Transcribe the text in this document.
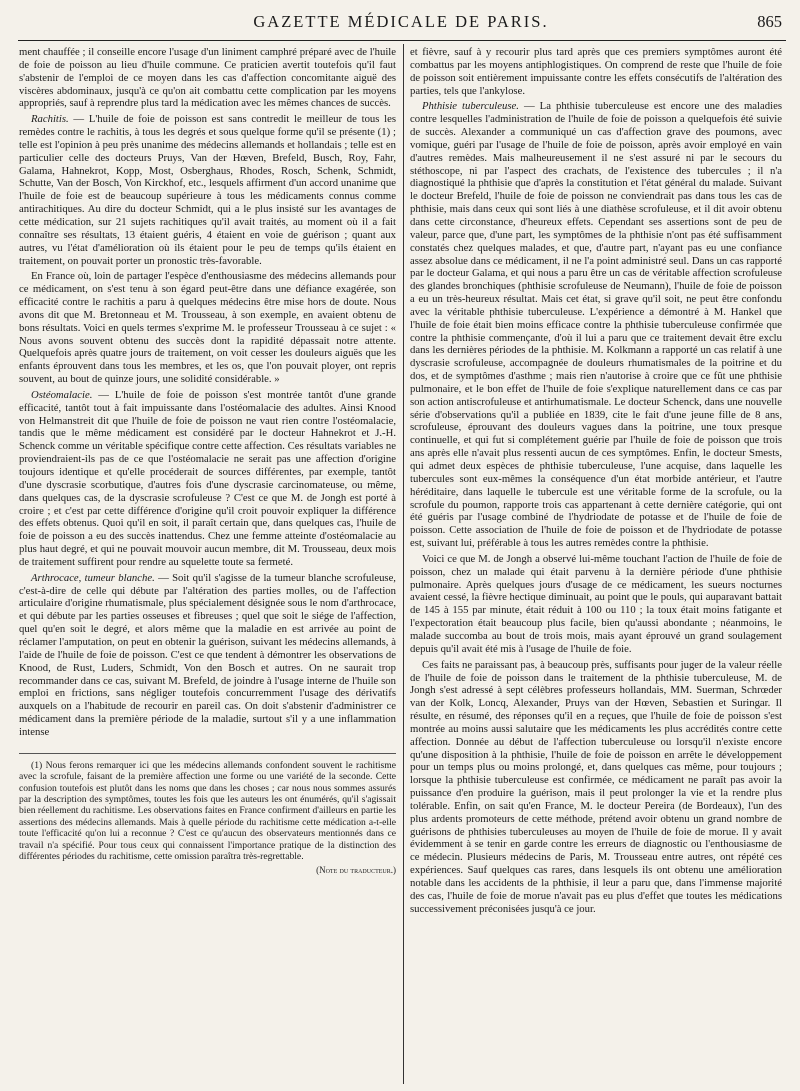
GAZETTE MÉDICALE DE PARIS.	865

ment chauffée ; il conseille encore l'usage d'un liniment camphré préparé avec de l'huile de foie de poisson au lieu d'huile commune. Ce praticien avertit toutefois qu'il faut s'abstenir de l'emploi de ce moyen dans les cas d'affection concomitante aiguë des viscères abdominaux, jusqu'à ce qu'on ait combattu cette complication par les moyens appropriés, sauf à reprendre plus tard la médication avec les mêmes chances de succès.

Rachitis. — L'huile de foie de poisson est sans contredit le meilleur de tous les remèdes contre le rachitis, à tous les degrés et sous quelque forme qu'il se présente (1) ; telle est l'opinion à peu près unanime des médecins allemands et hollandais ; telle est en particulier celle des docteurs Pruys, Van der Hœven, Brefeld, Busch, Roy, Fahr, Galama, Hahnekrot, Kopp, Most, Osberghaus, Rhodes, Rosch, Schenk, Schmidt, Schutte, Van der Bosch, Von Kirckhof, etc., lesquels affirment d'un accord unanime que l'huile de foie est de beaucoup supérieure à tous les médicaments connus comme antirachitiques. Au dire du docteur Schmidt, qui a le plus insisté sur les avantages de cette médication, sur 21 sujets rachitiques qu'il avait traités, au moment où il a fait connaître ses résultats, 13 étaient guéris, 4 étaient en voie de guérison ; quant aux autres, vu l'état d'amélioration où ils étaient pour le peu de temps qu'ils étaient en traitement, on pouvait porter un pronostic très-favorable.

En France où, loin de partager l'espèce d'enthousiasme des médecins allemands pour ce médicament, on s'est tenu à son égard peut-être dans une défiance exagérée, son efficacité contre le rachitis a paru à quelques médecins être mise hors de doute. Nous avons dit que M. Bretonneau et M. Trousseau, à son exemple, en avaient obtenu de bons résultats. Voici en quels termes s'exprime M. le professeur Trousseau à ce sujet : « Nous avons souvent obtenu des succès dont la rapidité dépassait notre attente. Quelquefois après quatre jours de traitement, on voit cesser les douleurs aiguës que les enfants éprouvent dans tous les membres, et les os, que l'on pouvait ployer, ont repris souvent, au bout de quinze jours, une solidité considérable. »

Ostéomalacie. — L'huile de foie de poisson s'est montrée tantôt d'une grande efficacité, tantôt tout à fait impuissante dans l'ostéomalacie des adultes. Ainsi Knood von Helmanstreit dit que l'huile de foie de poisson ne vaut rien contre l'ostéomalacie, tandis que le même médicament est considéré par le docteur Hahnekrot et J.-H. Schenck comme un véritable spécifique contre cette affection. Ces résultats variables ne proviendraient-ils pas de ce que l'ostéomalacie ne serait pas une affection d'origine toujours identique et qu'elle procéderait de sources différentes, par exemple, tantôt d'une dyscrasie scorbutique, d'autres fois d'une dyscrasie carcinomateuse, ou même, dans quelques cas, de la dyscrasie scrofuleuse ? C'est ce que M. de Jongh est porté à croire ; et c'est par cette différence d'origine qu'il croit pouvoir expliquer la différence des effets obtenus. Quoi qu'il en soit, il paraît certain que, dans quelques cas, l'huile de foie de poisson a eu des succès inattendus. Chez une femme atteinte d'ostéomalacie au plus haut degré, et qui ne pouvait mouvoir aucun membre, dit M. Trousseau, deux mois de traitement suffirent pour rendre au squelette toute sa fermeté.

Arthrocace, tumeur blanche. — Soit qu'il s'agisse de la tumeur blanche scrofuleuse, c'est-à-dire de celle qui débute par l'altération des parties molles, ou de l'affection articulaire d'origine rhumatismale, plus spécialement désignée sous le nom d'arthrocace, et qui débute par les parties osseuses et fibreuses ; quel que soit le siége de l'affection, quel qu'en soit le degré, et alors même que la maladie en est arrivée au point de réclamer l'amputation, on peut en obtenir la guérison, suivant les médecins allemands, à l'aide de l'huile de foie de poisson. C'est ce que tendent à démontrer les observations de Knood, de Rust, Luders, Schmidt, Von den Bosch et autres. On ne saurait trop recommander dans ce cas, suivant M. Brefeld, de joindre à l'usage interne de l'huile son emploi en frictions, sans négliger toutefois concurremment l'usage des dérivatifs auxquels on a l'habitude de recourir en pareil cas. On doit s'abstenir d'administrer ce médicament dans la première période de la maladie, surtout s'il y a une inflammation intense

(1) Nous ferons remarquer ici que les médecins allemands confondent souvent le rachitisme avec la scrofule, faisant de la première affection une forme ou une variété de la seconde. Cette confusion toutefois est plutôt dans les noms que dans les choses ; car nous nous sommes assurés par la description des symptômes, toutes les fois que les auteurs les ont énumérés, qu'il s'agissait bien réellement du rachitisme. Les observations faites en France confirment d'ailleurs en partie les assertions des médecins allemands. Mais à quelle période du rachitisme cette médication a-t-elle toute l'efficacité qu'on lui a reconnue ? C'est ce qu'aucun des observateurs mentionnés dans ce travail n'a spécifié. Pour tous ceux qui connaissent l'importance pratique de la distinction des différentes périodes du rachitisme, cette omission paraîtra très-regrettable.

(Note du traducteur.)

et fièvre, sauf à y recourir plus tard après que ces premiers symptômes auront été combattus par les moyens antiphlogistiques. On comprend de reste que l'huile de foie de poisson soit entièrement impuissante contre les effets consécutifs de l'altération des parties, tels que l'ankylose.

Phthisie tuberculeuse. — La phthisie tuberculeuse est encore une des maladies contre lesquelles l'administration de l'huile de foie de poisson a quelquefois été suivie de succès. Alexander a communiqué un cas d'affection grave des poumons, avec vomique, guéri par l'usage de l'huile de foie de poisson, après avoir employé en vain d'autres remèdes. Mais malheureusement il ne s'est assuré ni par le secours du stéthoscope, ni par l'aspect des crachats, de l'existence des tubercules ; il n'a diagnostiqué la phthisie que d'après la constitution et l'état général du malade. Suivant le docteur Brefeld, l'huile de foie de poisson ne conviendrait pas dans tous les cas de phthisie, mais dans ceux qui sont liés à une diathèse scrofuleuse, et il dit avoir obtenu dans cette circonstance, d'heureux effets. Cependant ses assertions sont de peu de valeur, parce que, d'une part, les symptômes de la phthisie n'ont pas été suffisamment constatés chez quelques malades, et que, d'autre part, n'ayant pas eu une confiance assez absolue dans ce médicament, il ne l'a point administré seul. Dans un cas rapporté par le docteur Galama, et qui nous a paru être un cas de véritable affection scrofuleuse des glandes bronchiques (phthisie scrofuleuse de Neumann), l'huile de foie de poisson a eu un très-heureux résultat. Mais cet état, si grave qu'il soit, ne peut être confondu avec la véritable phthisie tuberculeuse. L'expérience a démontré à M. Hankel que l'huile de foie était bien moins efficace contre la phthisie tuberculeuse confirmée que contre la phthisie commençante, d'où il lui a paru que ce traitement devait être exclu dans les dernières périodes de la phthisie. M. Kolkmann a rapporté un cas relatif à une dyscrasie scrofuleuse, accompagnée de douleurs rhumatismales de la poitrine et du dos, et de symptômes d'asthme ; mais rien n'autorise à croire que ce fût une phthisie pulmonaire, et le bon effet de l'huile de foie s'explique naturellement dans ce cas par son action antiscrofuleuse et antirhumatismale. Le docteur Schenck, dans une nouvelle série d'observations qu'il a publiée en 1839, cite le fait d'une jeune fille de 8 ans, scrofuleuse, éprouvant des douleurs vagues dans la poitrine, une toux presque continuelle, et qui fut si complétement guérie par l'huile de foie de poisson que trois ans après elle n'avait plus ressenti aucun de ces symptômes. Enfin, le docteur Smests, qui admet deux espèces de phthisie tuberculeuse, l'une acquise, dans laquelle les tubercules sont eux-mêmes la conséquence d'un état morbide antérieur, et l'autre héréditaire, dans laquelle le tubercule est une véritable forme de la scrofule, ou la scrofule du poumon, rapporte trois cas appartenant à cette dernière catégorie, qui ont été guéris par l'usage combiné de l'hydriodate de potasse et de l'huile de foie de poisson. Cette association de l'huile de foie de poisson et de l'hydriodate de potasse est, suivant lui, préférable à tous les autres remèdes contre la phthisie.

Voici ce que M. de Jongh a observé lui-même touchant l'action de l'huile de foie de poisson, chez un malade qui était parvenu à la dernière période d'une phthisie pulmonaire. Après quelques jours d'usage de ce médicament, les sueurs nocturnes avaient cessé, la fièvre hectique diminuait, au point que le pouls, qui auparavant battait de 145 à 155 par minute, était réduit à 100 ou 110 ; la toux était moins fatigante et l'expectoration était beaucoup plus facile, bien qu'aussi abondante ; néanmoins, le malade succomba au bout de trois mois, mais ayant éprouvé un grand soulagement depuis qu'il avait été mis à l'usage de l'huile de foie.

Ces faits ne paraissant pas, à beaucoup près, suffisants pour juger de la valeur réelle de l'huile de foie de poisson dans le traitement de la phthisie tuberculeuse, M. de Jongh s'est adressé à sept célèbres professeurs hollandais, MM. Suerman, Schrœder van der Kolk, Loncq, Alexander, Pruys van der Hœven, Sebastien et Suringar. Il résulte, en résumé, des réponses qu'il en a reçues, que l'huile de foie de poisson s'est montrée au moins aussi salutaire que les médicaments les plus accrédités contre cette affection. Donnée au début de l'affection tuberculeuse ou lorsqu'il n'existe encore qu'une disposition à la phthisie, l'huile de foie de poisson en arrête le développement pour un temps plus ou moins prolongé, et, dans quelques cas même, pour toujours ; lorsque la phthisie tuberculeuse est confirmée, ce médicament ne paraît pas avoir la puissance d'en produire la guérison, mais il peut prolonger la vie et la rendre plus tolérable. Enfin, on sait qu'en France, M. le docteur Pereira (de Bordeaux), l'un des plus ardents promoteurs de cette méthode, prétend avoir obtenu un grand nombre de guérisons de phthisies tuberculeuses au moyen de l'huile de foie de morue. Il y avait évidemment à se tenir en garde contre les erreurs de diagnostic ou l'enthousiasme de ce médecin. Plusieurs médecins de Paris, M. Trousseau entre autres, ont répété ces expériences. Sauf quelques cas rares, dans lesquels ils ont obtenu une amélioration notable dans les accidents de la phthisie, il leur a paru que, dans l'immense majorité des cas, l'huile de foie de morue n'avait pas eu plus d'effet que toutes les médications successivement préconisées jusqu'à ce jour.
